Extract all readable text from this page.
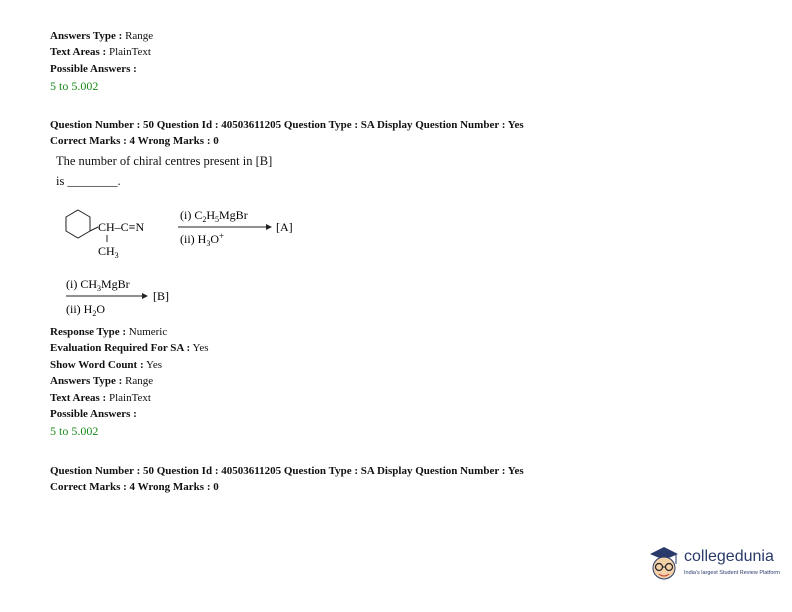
Answers Type : Range
Text Areas : PlainText
Possible Answers :
5 to 5.002
Question Number : 50 Question Id : 40503611205 Question Type : SA Display Question Number : Yes
Correct Marks : 4 Wrong Marks : 0
The number of chiral centres present in [B]
is ________.
CH–C≡N
$CH_3$
(i) $C_2H_5MgBr$
(ii) $H_3O^+$
[A]
(i) $CH_3MgBr$
(ii) $H_2O$
[B]
Response Type : Numeric
Evaluation Required For SA : Yes
Show Word Count : Yes
Answers Type : Range
Text Areas : PlainText
Possible Answers :
5 to 5.002
Question Number : 50 Question Id : 40503611205 Question Type : SA Display Question Number : Yes
Correct Marks : 4 Wrong Marks : 0
collegedunia
India's largest Student Review Platform
